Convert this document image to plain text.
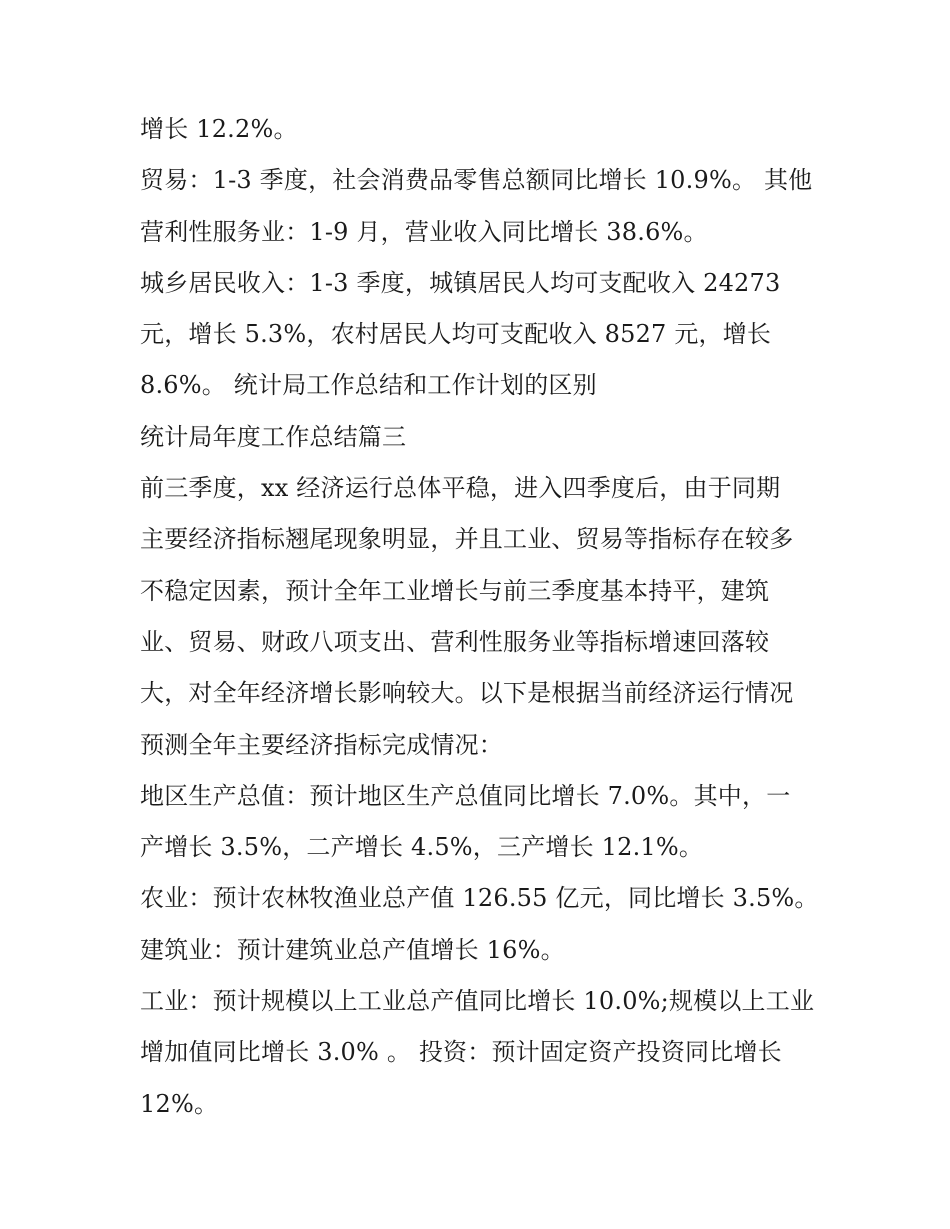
增长 12.2%。
贸易：1-3 季度，社会消费品零售总额同比增长 10.9%。 其他
营利性服务业：1-9 月，营业收入同比增长 38.6%。
城乡居民收入：1-3 季度，城镇居民人均可支配收入 24273
元，增长 5.3%，农村居民人均可支配收入 8527 元，增长
8.6%。 统计局工作总结和工作计划的区别
统计局年度工作总结篇三
前三季度，xx 经济运行总体平稳，进入四季度后，由于同期
主要经济指标翘尾现象明显，并且工业、贸易等指标存在较多
不稳定因素，预计全年工业增长与前三季度基本持平，建筑
业、贸易、财政八项支出、营利性服务业等指标增速回落较
大，对全年经济增长影响较大。以下是根据当前经济运行情况
预测全年主要经济指标完成情况：
地区生产总值：预计地区生产总值同比增长 7.0%。其中，一
产增长 3.5%，二产增长 4.5%，三产增长 12.1%。
农业：预计农林牧渔业总产值 126.55 亿元，同比增长 3.5%。
建筑业：预计建筑业总产值增长 16%。
工业：预计规模以上工业总产值同比增长 10.0%;规模以上工业
增加值同比增长 3.0% 。 投资：预计固定资产投资同比增长
12%。
